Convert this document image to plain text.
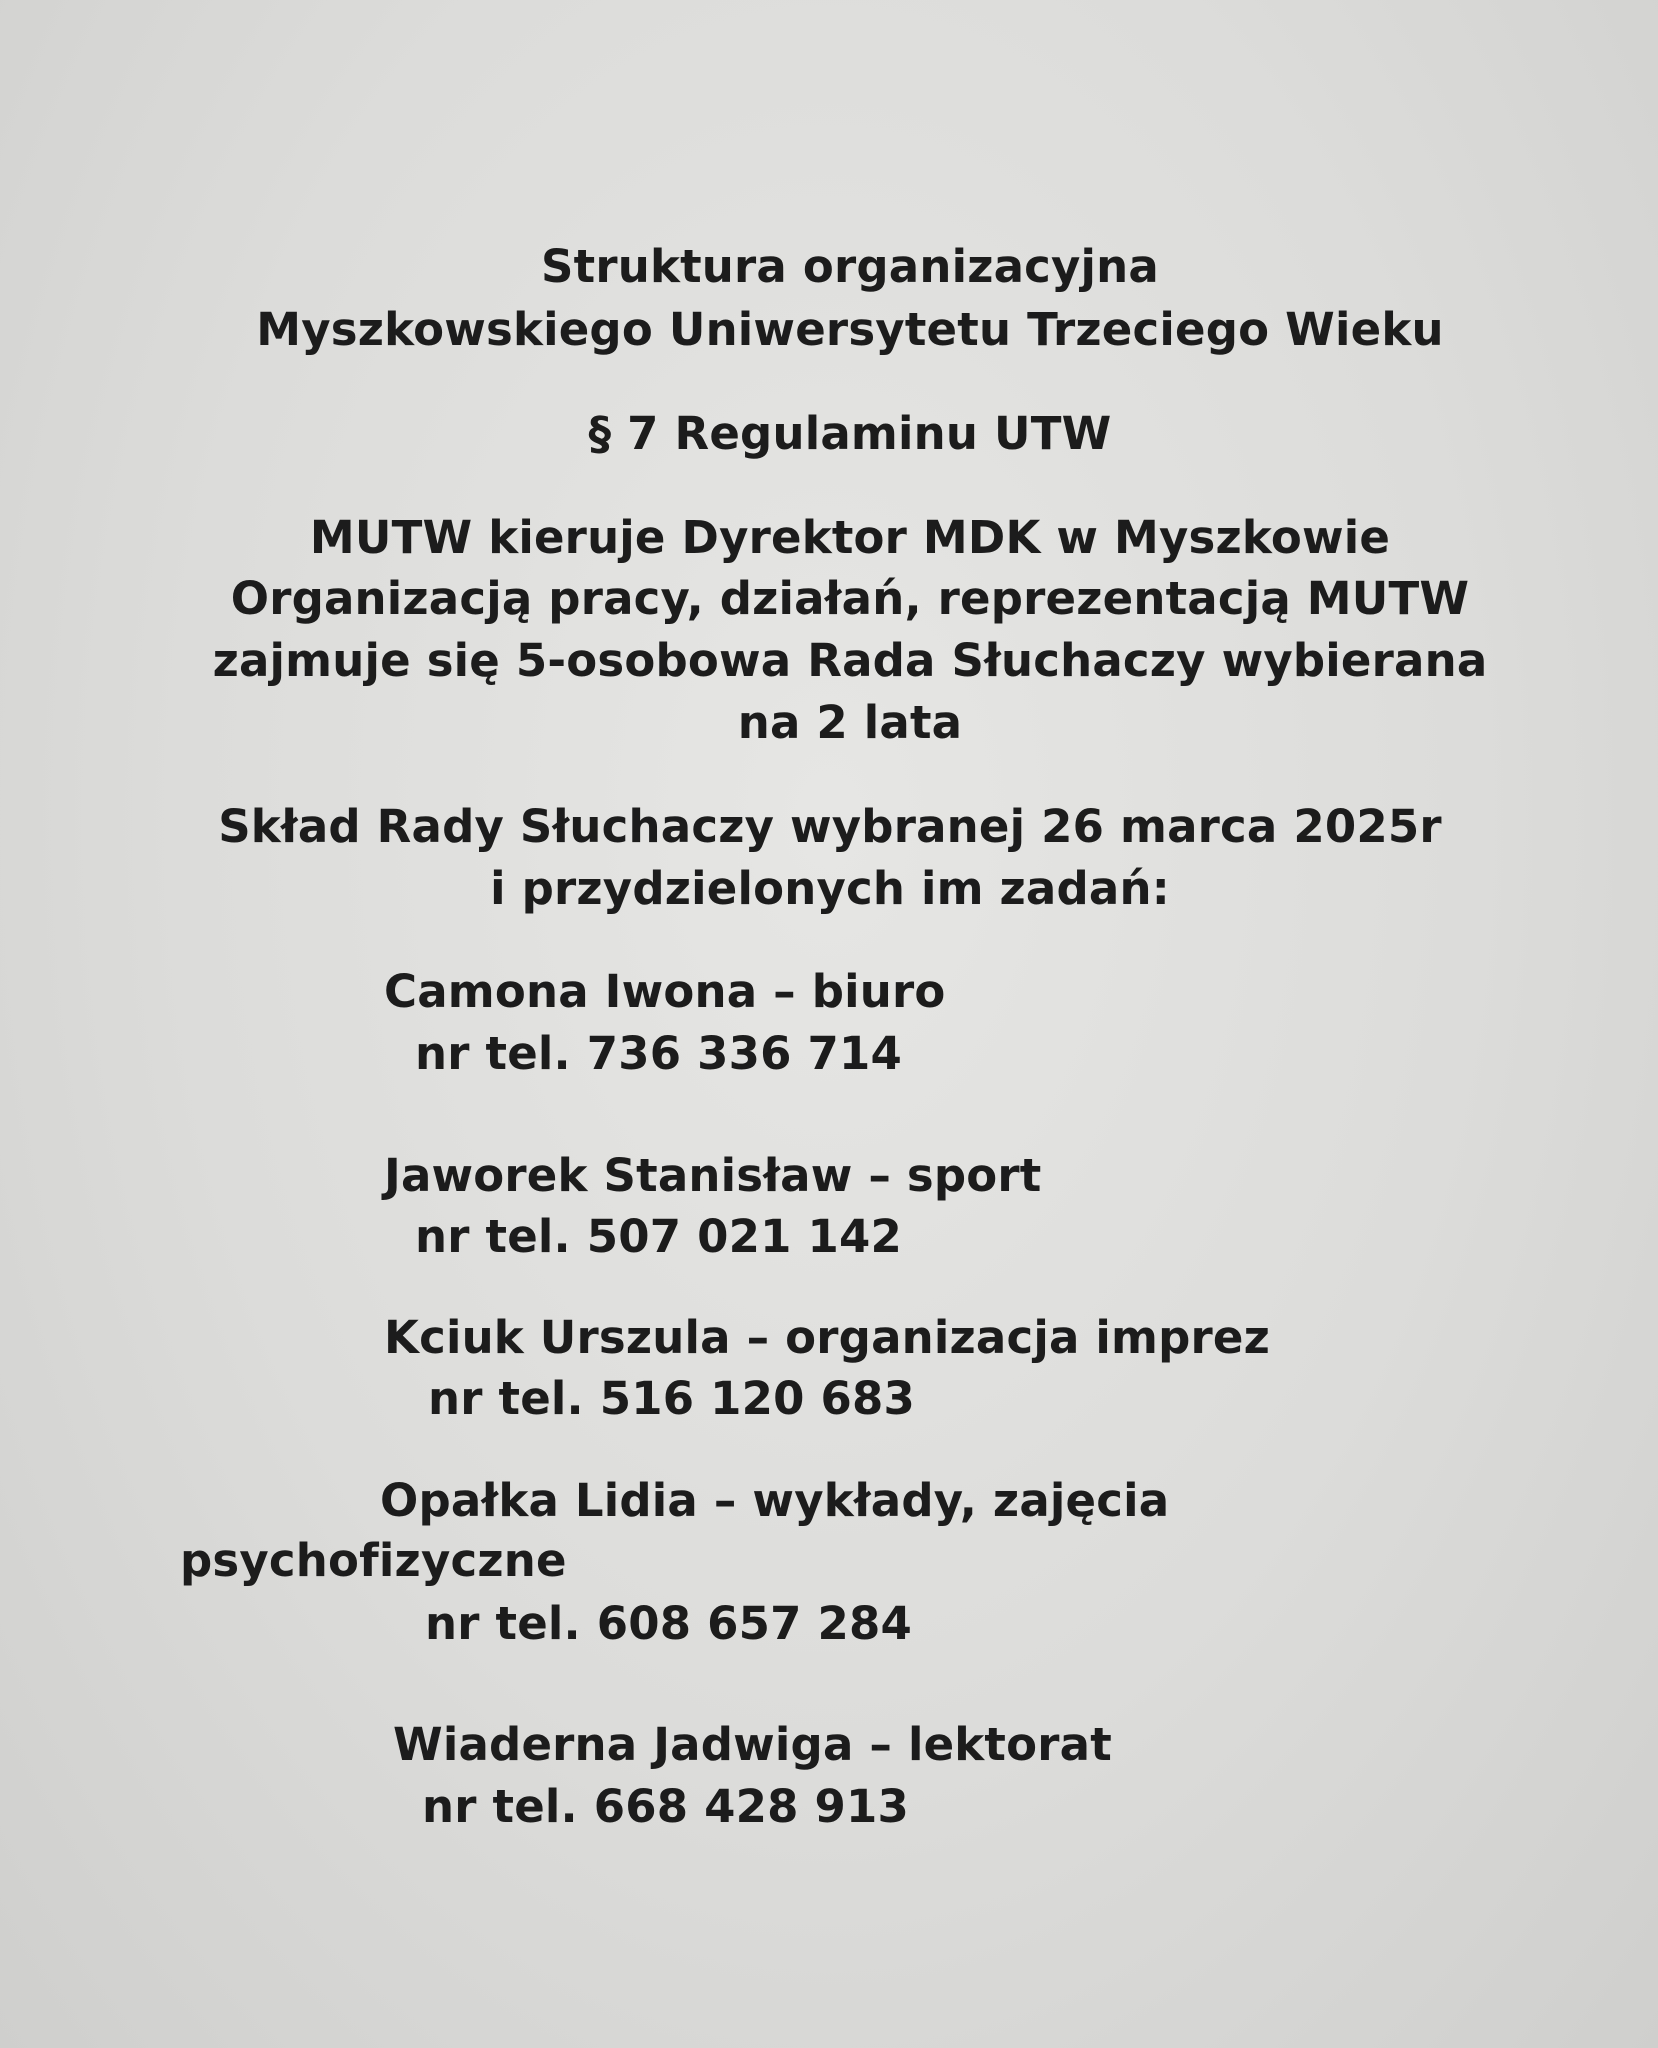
Struktura organizacyjna
Myszkowskiego Uniwersytetu Trzeciego Wieku
§ 7 Regulaminu UTW
MUTW kieruje Dyrektor MDK w Myszkowie
Organizacją pracy, działań, reprezentacją MUTW
zajmuje się 5-osobowa Rada Słuchaczy wybierana
na 2 lata
Skład Rady Słuchaczy wybranej 26 marca 2025r
i przydzielonych im zadań:
Camona Iwona – biuro
nr tel. 736 336 714
Jaworek Stanisław – sport
nr tel. 507 021 142
Kciuk Urszula – organizacja imprez
nr tel. 516 120 683
Opałka Lidia – wykłady, zajęcia
psychofizyczne
nr tel. 608 657 284
Wiaderna Jadwiga – lektorat
nr tel. 668 428 913
